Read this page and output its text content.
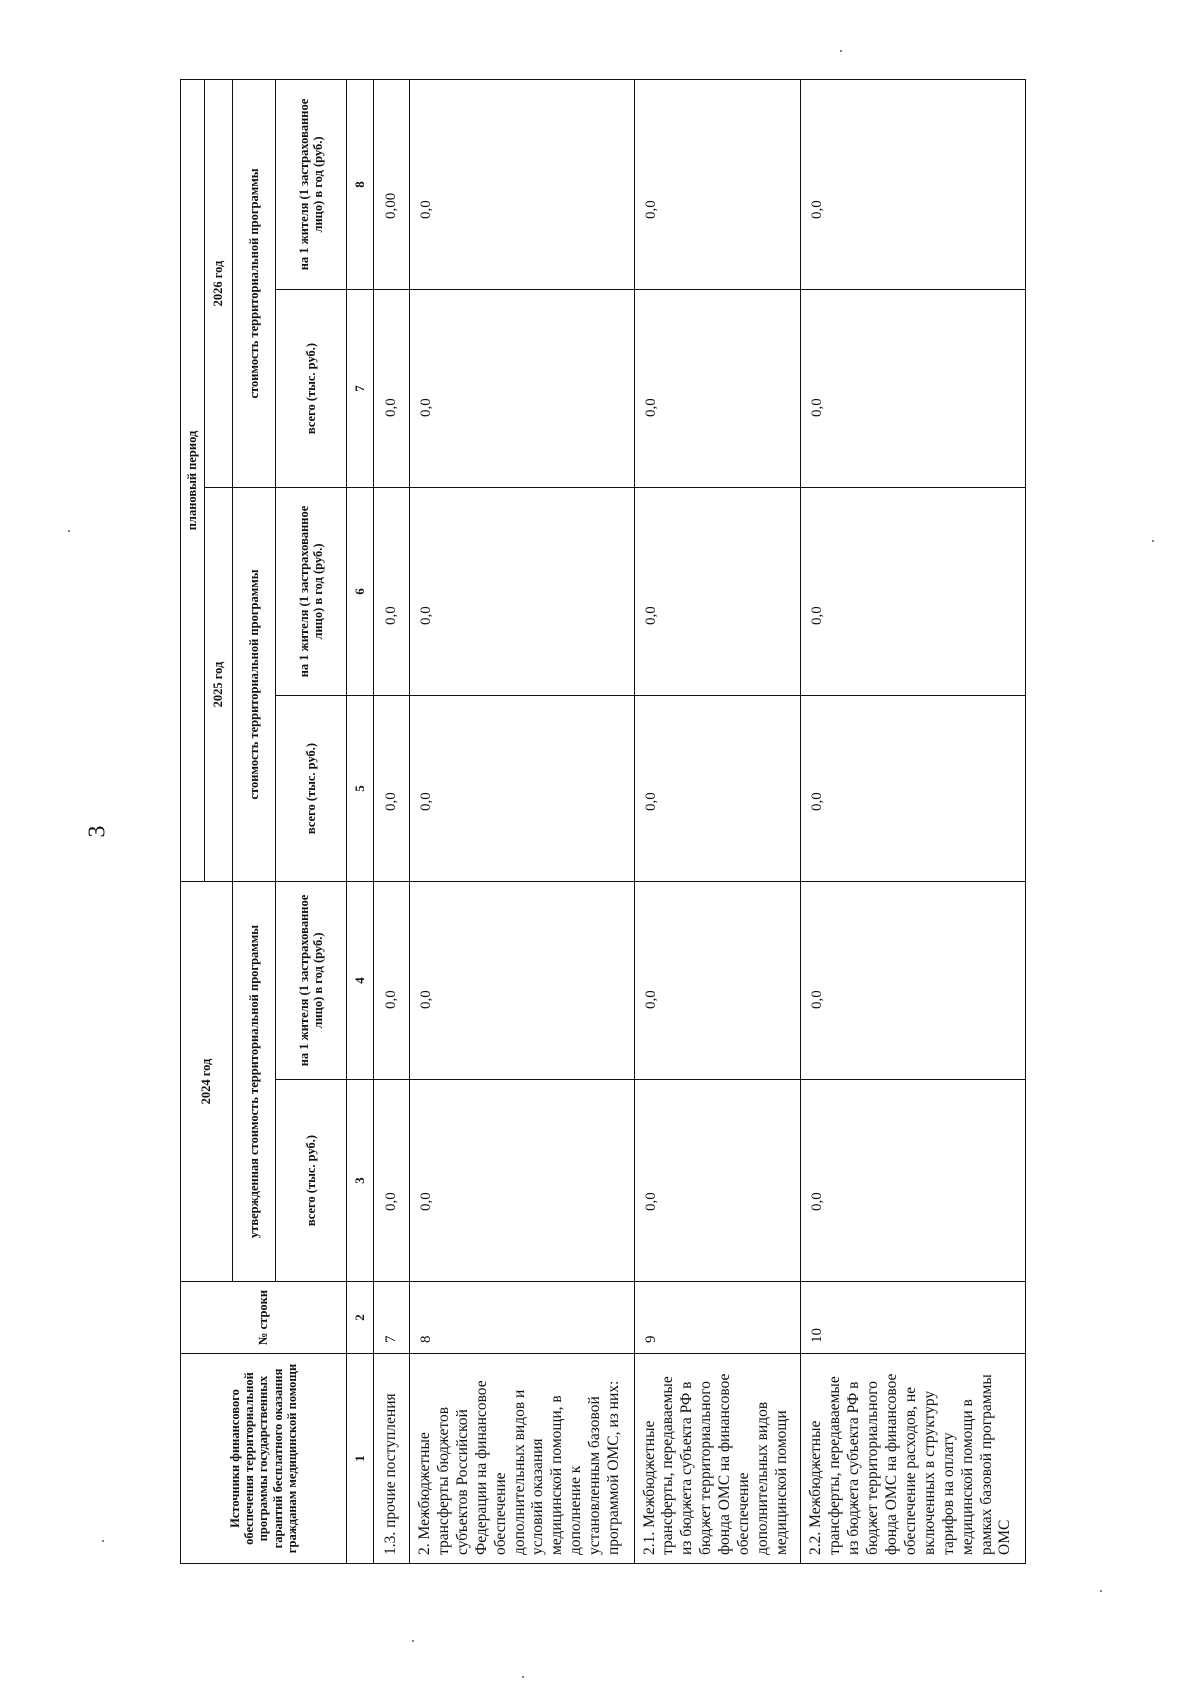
3
Источники финансового обеспечения территориальной программы государственных гарантий бесплатного оказания гражданам медицинской помощи	№ строки	2024 год		плановый период			
				2025 год		2026 год	
		утвержденная стоимость территориальной программы		стоимость территориальной программы		стоимость территориальной программы	
		всего (тыс. руб.)	на 1 жителя (1 застрахованное лицо) в год (руб.)	всего (тыс. руб.)	на 1 жителя (1 застрахованное лицо) в год (руб.)	всего (тыс. руб.)	на 1 жителя (1 застрахованное лицо) в год (руб.)
1	2	3	4	5	6	7	8
1.3. прочие поступления	7	0,0	0,0	0,0	0,0	0,0	0,00
2. Межбюджетные трансферты бюджетов субъектов Российской Федерации на финансовое обеспечение дополнительных видов и условий оказания медицинской помощи, в дополнение к установленным базовой программой ОМС, из них:	8	0,0	0,0	0,0	0,0	0,0	0,0
2.1. Межбюджетные трансферты, передаваемые из бюджета субъекта РФ в бюджет территориального фонда ОМС на финансовое обеспечение дополнительных видов медицинской помощи	9	0,0	0,0	0,0	0,0	0,0	0,0
2.2. Межбюджетные трансферты, передаваемые из бюджета субъекта РФ в бюджет территориального фонда ОМС на финансовое обеспечение расходов, не включенных в структуру тарифов на оплату медицинской помощи в рамках базовой программы ОМС	10	0,0	0,0	0,0	0,0	0,0	0,0
